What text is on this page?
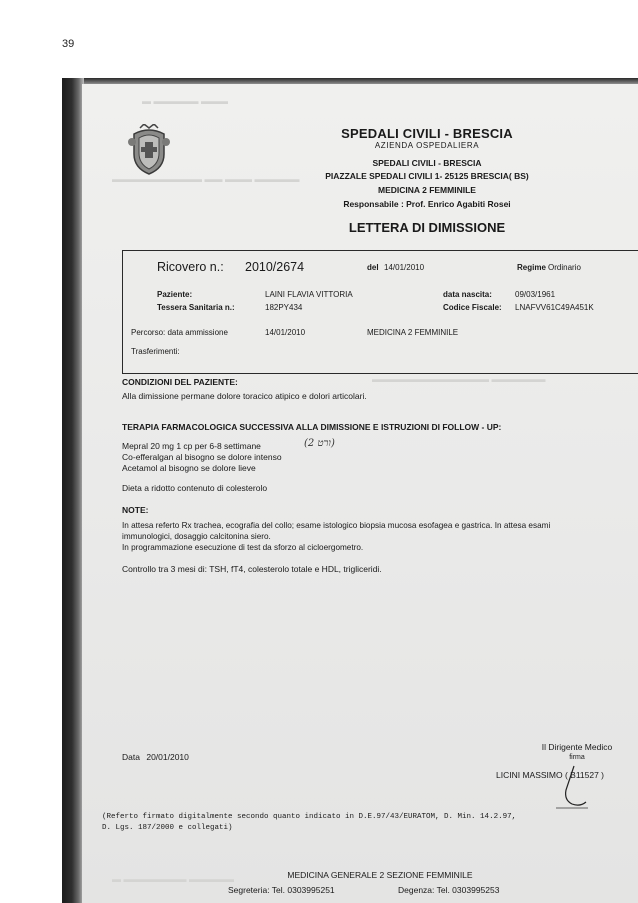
39
▬ ▬▬▬▬▬ ▬▬▬
▬▬▬▬▬▬▬▬▬▬ ▬▬ ▬▬▬ ▬▬▬▬▬
▬▬▬▬▬▬▬▬▬▬▬▬▬ ▬▬▬▬▬▬
▬ ▬▬▬▬▬▬▬ ▬▬▬▬▬
SPEDALI CIVILI - BRESCIA
AZIENDA OSPEDALIERA
SPEDALI CIVILI - BRESCIA
PIAZZALE SPEDALI CIVILI 1- 25125 BRESCIA( BS)
MEDICINA 2 FEMMINILE
Responsabile : Prof. Enrico Agabiti Rosei
LETTERA DI DIMISSIONE
Ricovero n.: 2010/2674	del 14/01/2010	Regime Ordinario
Paziente:	LAINI FLAVIA VITTORIA	data nascita:	09/03/1961
Tessera Sanitaria n.:	182PY434	Codice Fiscale: LNAFVV61C49A451K
Percorso: data ammissione	14/01/2010	MEDICINA 2 FEMMINILE
Trasferimenti:
CONDIZIONI DEL PAZIENTE:
Alla dimissione permane dolore toracico atipico e dolori articolari.
TERAPIA FARMACOLOGICA SUCCESSIVA ALLA DIMISSIONE E ISTRUZIONI DI FOLLOW - UP:
Mepral 20 mg 1 cp per 6-8 settimane	(ורט 2)
Co-efferalgan al bisogno se dolore intenso
Acetamol al bisogno se dolore lieve
Dieta a ridotto contenuto di colesterolo
NOTE:
In attesa referto Rx trachea, ecografia del collo; esame istologico biopsia mucosa esofagea e gastrica. In attesa esami
immunologici, dosaggio calcitonina siero.
In programmazione esecuzione di test da sforzo al cicloergometro.
Controllo tra 3 mesi di: TSH, fT4, colesterolo totale e HDL, trigliceridi.
Data 20/01/2010
Il Dirigente Medico
firma
LICINI MASSIMO ( B11527 )
(Referto firmato digitalmente secondo quanto indicato in D.E.97/43/EURATOM, D. Min. 14.2.97,
D. Lgs. 187/2000 e collegati)
MEDICINA GENERALE 2 SEZIONE FEMMINILE
Segreteria: Tel. 0303995251	Degenza: Tel. 0303995253
